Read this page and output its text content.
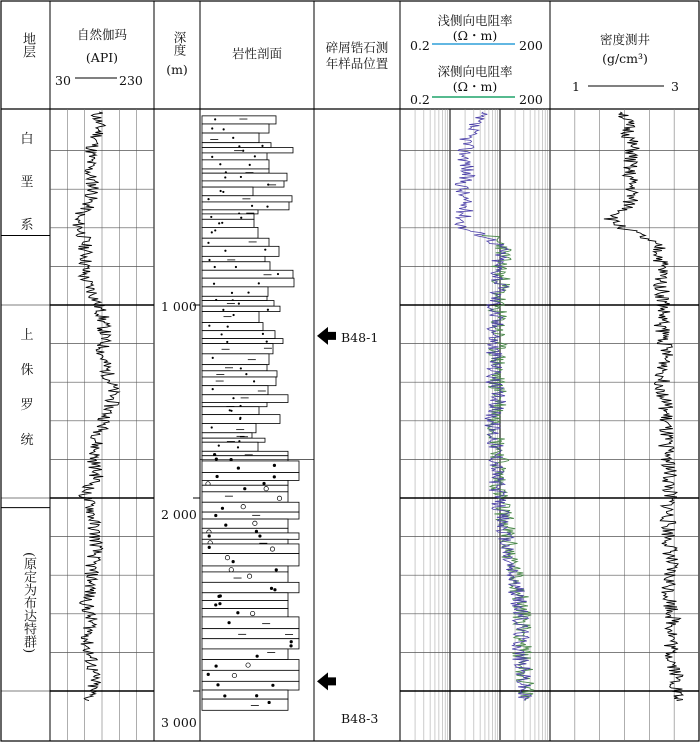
地层	自然伽玛
(API)
30	230
深度
(m)
岩性剖面	碎屑锆石测
年样品位置
浅侧向电阻率
(Ω・m)
0.2	200
深侧向电阻率
(Ω・m)
0.2	200
密度测井
(g/cm³)
1	3
白
垩
系
上
侏
罗
统
(原定为布达特群)
1 000
2 000
3 000
B48-1
B48-3
